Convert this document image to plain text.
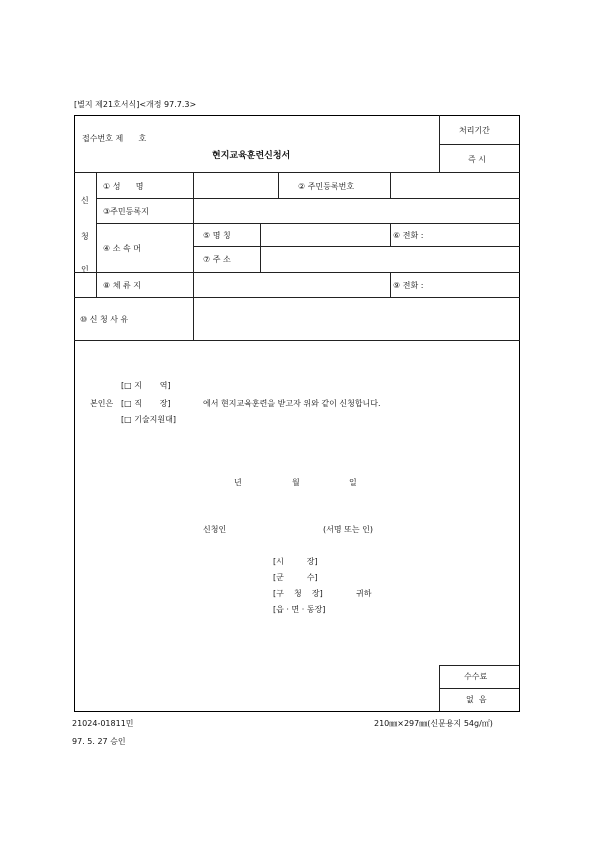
[별지 제21호서식]<개정 97.7.3>
접수번호 제      호
현지교육훈련신청서
처리기간
즉 시
신
청
인
① 성      명	② 주민등록번호
③주민등록지
④ 소 속 머
⑤ 명 칭	⑥ 전화 :
⑦ 주 소
⑧ 체 류 지	⑨ 전화 :
⑩ 신 청 사 유
[□ 지       역]
본인은 [□ 직       장]	에서 현지교육훈련을 받고자 위와 같이 신청합니다.
[□ 기술지원대]
년	월	일
신청인	(서명 또는 인)
[시         장]
[군         수]
[구    청    장]	귀하
[읍 · 면 · 동장]
수수료
없  음
21024-01811민
97. 5. 27 승인
210㎜×297㎜(신문용지 54g/㎡)
